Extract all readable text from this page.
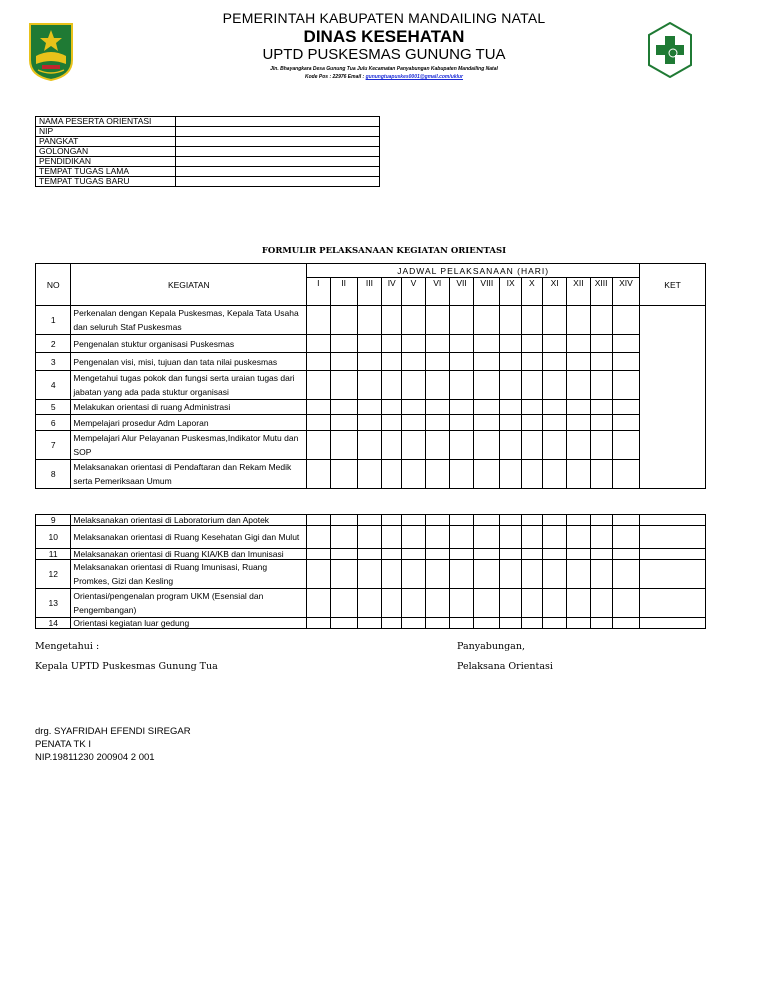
PEMERINTAH KABUPATEN MANDAILING NATAL
DINAS KESEHATAN
UPTD PUSKESMAS GUNUNG TUA
Jln. Bhayangkara Desa Gunung Tua Julu Kecamatan Panyabungan Kabupaten Mandailing Natal
Kode Pos : 22976 Email : gunungtuapuskes0001@gmail.com/uklur
NAMA PESERTA ORIENTASI	
NIP	
PANGKAT	
GOLONGAN	
PENDIDIKAN	
TEMPAT TUGAS LAMA	
TEMPAT TUGAS BARU	
FORMULIR PELAKSANAAN KEGIATAN ORIENTASI
NO	KEGIATAN	JADWAL PELAKSANAAN (HARI)														KET
		I	II	III	IV	V	VI	VII	VIII	IX	X	XI	XII	XIII	XIV	
1	Perkenalan dengan Kepala Puskesmas, Kepala Tata Usaha dan seluruh Staf Puskesmas															
2	Pengenalan stuktur organisasi Puskesmas															
3	Pengenalan visi, misi, tujuan dan tata nilai puskesmas															
4	Mengetahui tugas pokok dan fungsi serta uraian tugas dari jabatan yang ada pada stuktur organisasi															
5	Melakukan orientasi di ruang Administrasi															
6	Mempelajari prosedur Adm Laporan															
7	Mempelajari Alur Pelayanan Puskesmas,Indikator Mutu dan SOP															
8	Melaksanakan orientasi di Pendaftaran dan Rekam Medik serta Pemeriksaan Umum															
9	Melaksanakan orientasi di Laboratorium dan Apotek															
10	Melaksanakan orientasi di Ruang Kesehatan Gigi dan Mulut															
11	Melaksanakan orientasi di Ruang KIA/KB dan Imunisasi															
12	Melaksanakan orientasi di Ruang Imunisasi, Ruang Promkes, Gizi dan Kesling															
13	Orientasi/pengenalan program UKM (Esensial dan Pengembangan)															
14	Orientasi kegiatan luar gedung															
Mengetahui :
Kepala UPTD Puskesmas Gunung Tua
Panyabungan,
Pelaksana Orientasi
drg. SYAFRIDAH EFENDI SIREGAR
PENATA TK I
NIP.19811230 200904 2 001
